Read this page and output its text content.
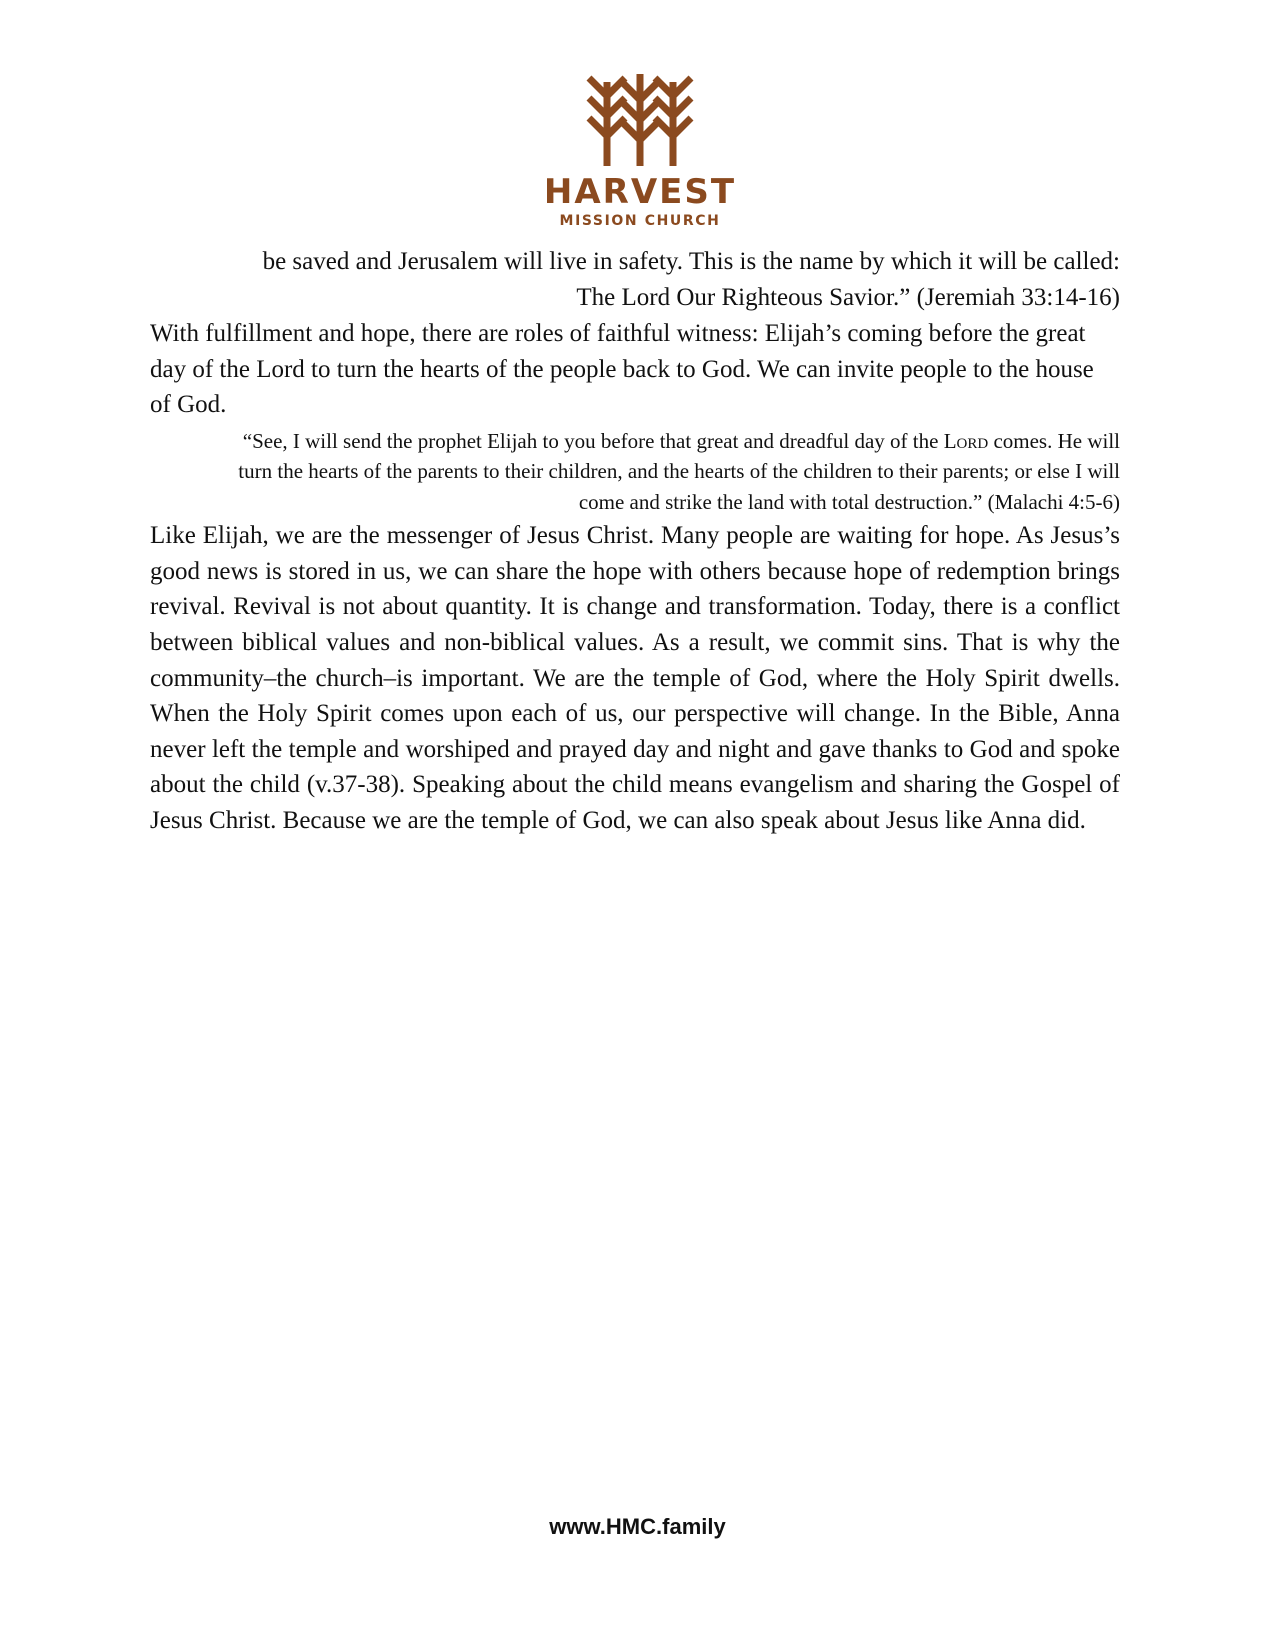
HARVEST
MISSION CHURCH

be saved and Jerusalem will live in safety. This is the name by which it will be called:
The Lord Our Righteous Savior.” (Jeremiah 33:14-16)

With fulfillment and hope, there are roles of faithful witness: Elijah’s coming before the great day of the Lord to turn the hearts of the people back to God. We can invite people to the house of God.

“See, I will send the prophet Elijah to you before that great and dreadful day of the Lord comes. He will
turn the hearts of the parents to their children, and the hearts of the children to their parents; or else I will
come and strike the land with total destruction.” (Malachi 4:5-6)

Like Elijah, we are the messenger of Jesus Christ. Many people are waiting for hope. As Jesus’s good news is stored in us, we can share the hope with others because hope of redemption brings revival. Revival is not about quantity. It is change and transformation. Today, there is a conflict between biblical values and non-biblical values. As a result, we commit sins. That is why the community–the church–is important. We are the temple of God, where the Holy Spirit dwells. When the Holy Spirit comes upon each of us, our perspective will change. In the Bible, Anna never left the temple and worshiped and prayed day and night and gave thanks to God and spoke about the child (v.37-38). Speaking about the child means evangelism and sharing the Gospel of Jesus Christ. Because we are the temple of God, we can also speak about Jesus like Anna did.

www.HMC.family
